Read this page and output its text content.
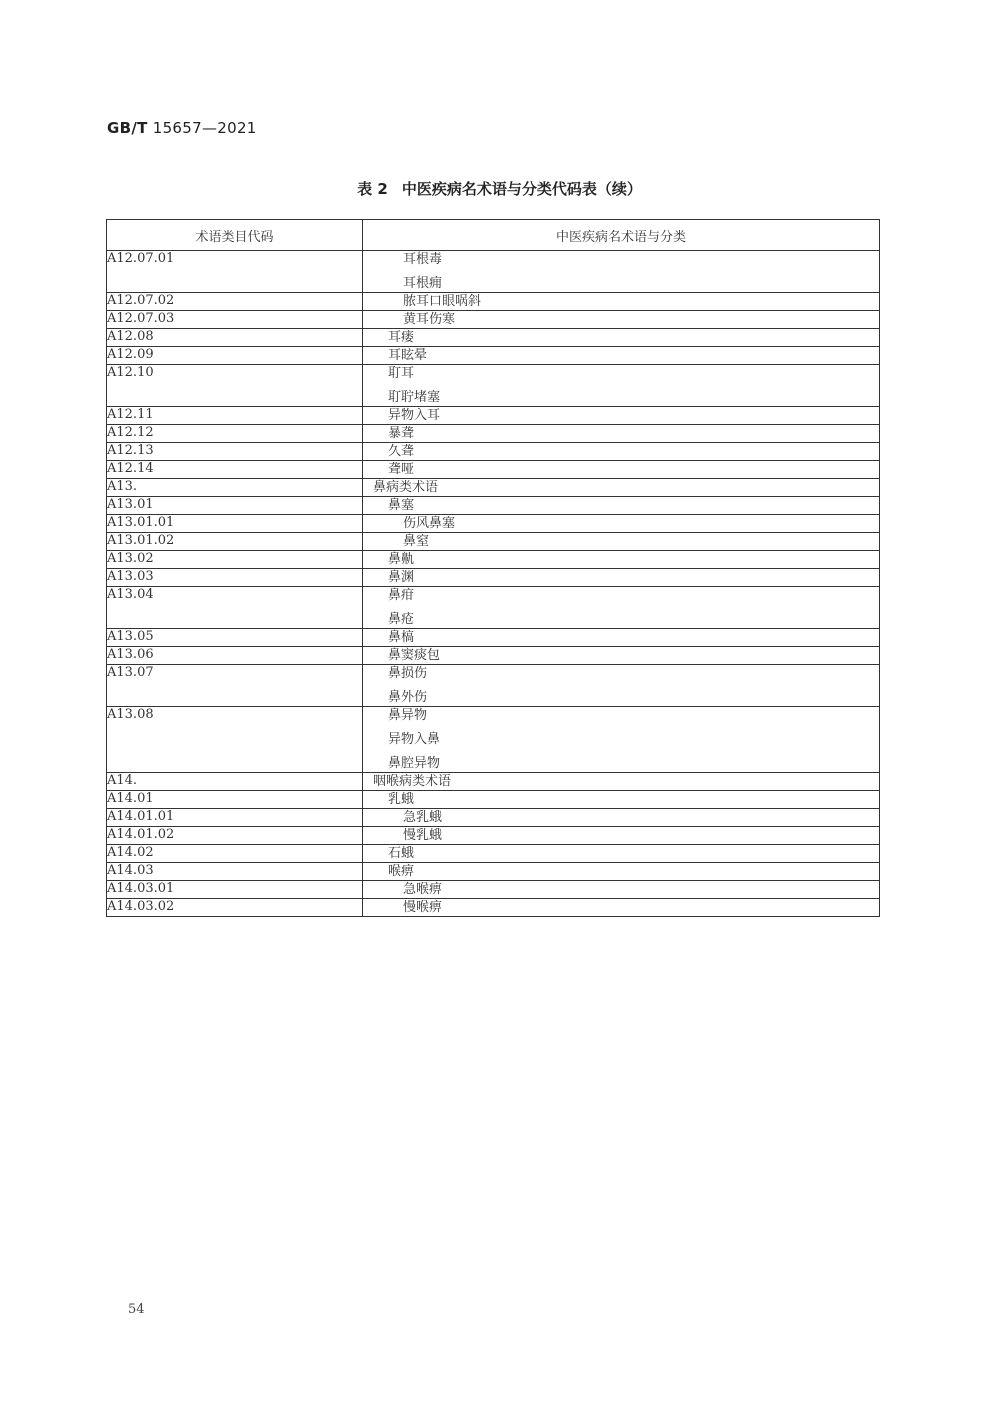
GB/T 15657—2021
表 2 中医疾病名术语与分类代码表（续）
术语类目代码	中医疾病名术语与分类
A12.07.01	耳根毒
耳根痈

A12.07.02	脓耳口眼㖞斜

A12.07.03	黄耳伤寒

A12.08	耳瘘

A12.09	耳眩晕

A12.10	耵耳
耵聍堵塞

A12.11	异物入耳

A12.12	暴聋

A12.13	久聋

A12.14	聋哑

A13.	鼻病类术语

A13.01	鼻塞

A13.01.01	伤风鼻塞

A13.01.02	鼻窒

A13.02	鼻鼽

A13.03	鼻渊

A13.04	鼻疳
鼻疮

A13.05	鼻槁

A13.06	鼻窦痰包

A13.07	鼻损伤
鼻外伤

A13.08	鼻异物
异物入鼻
鼻腔异物

A14.	咽喉病类术语

A14.01	乳蛾

A14.01.01	急乳蛾

A14.01.02	慢乳蛾

A14.02	石蛾

A14.03	喉痹

A14.03.01	急喉痹

A14.03.02	慢喉痹
54
